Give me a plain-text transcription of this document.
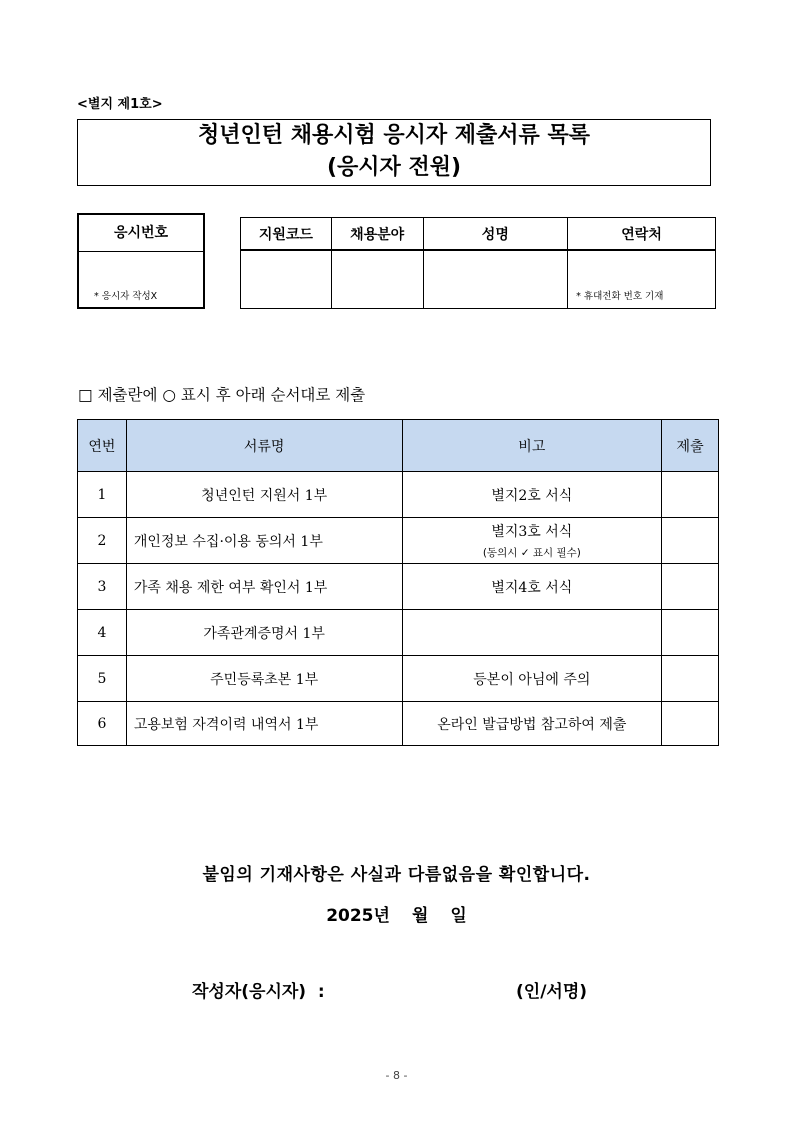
<별지 제1호>
청년인턴 채용시험 응시자 제출서류 목록
(응시자 전원)
응시번호
* 응시자 작성X
지원코드	채용분야	성명	연락처
			* 휴대전화 번호 기재
□ 제출란에 ○ 표시 후 아래 순서대로 제출
연번	서류명	비고	제출
1	청년인턴 지원서 1부	별지2호 서식	
2	개인정보 수집·이용 동의서 1부	별지3호 서식
(동의시 ✓ 표시 필수)	

3	가족 채용 제한 여부 확인서 1부	별지4호 서식	
4	가족관계증명서 1부		
5	주민등록초본 1부	등본이 아님에 주의	
6	고용보험 자격이력 내역서 1부	온라인 발급방법 참고하여 제출	
붙임의 기재사항은 사실과 다름없음을 확인합니다.
2025년 월 일
작성자(응시자)  :	(인/서명)
- 8 -
